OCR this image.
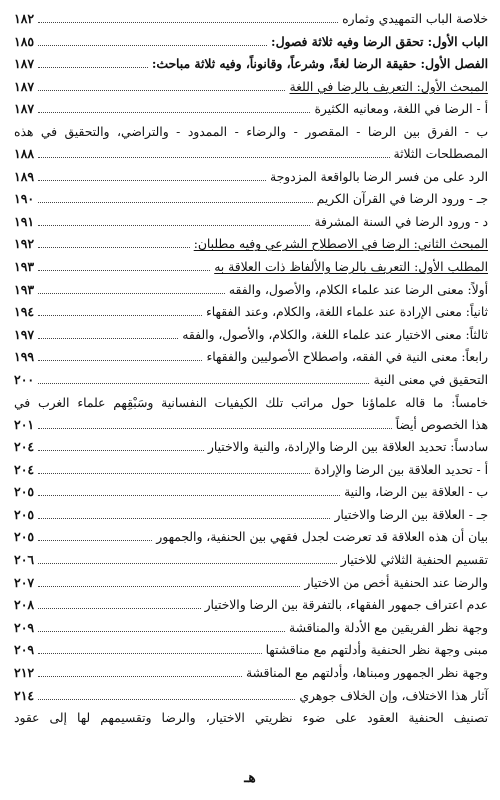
خلاصة الباب التمهيدي وثماره
١٨٢
الباب الأول: تحقق الرضا وفيه ثلاثة فصول:
١٨٥
الفصل الأول: حقيقة الرضا لغةً، وشرعاً، وقانوناً، وفيه ثلاثة مباحث:
١٨٧
المبحث الأول: التعريف بالرضا في اللغة
١٨٧
أ - الرضا في اللغة، ومعانيه الكثيرة
١٨٧
ب - الفرق بين الرضا - المقصور - والرضاء - الممدود - والتراضي، والتحقيق في هذه
المصطلحات الثلاثة
١٨٨
الرد على من فسر الرضا بالواقعة المزدوجة
١٨٩
جـ - ورود الرضا في القرآن الكريم
١٩٠
د - ورود الرضا في السنة المشرفة
١٩١
المبحث الثاني: الرضا في الاصطلاح الشرعي وفيه مطلبان:
١٩٢
المطلب الأول: التعريف بالرضا والألفاظ ذات العلاقة به
١٩٣
أولاً: معنى الرضا عند علماء الكلام، والأصول، والفقه
١٩٣
ثانياً: معنى الإرادة عند علماء اللغة، والكلام، وعند الفقهاء
١٩٤
ثالثاً: معنى الاختيار عند علماء اللغة، والكلام، والأصول، والفقه
١٩٧
رابعاً: معنى النية في الفقه، واصطلاح الأصوليين والفقهاء
١٩٩
التحقيق في معنى النية
٢٠٠
خامساً: ما قاله علماؤنا حول مراتب تلك الكيفيات النفسانية وسَبْقِهم علماء الغرب في
هذا الخصوص أيضاً
٢٠١
سادساً: تحديد العلاقة بين الرضا والإرادة، والنية والاختيار
٢٠٤
أ - تحديد العلاقة بين الرضا والإرادة
٢٠٤
ب - العلاقة بين الرضا، والنية
٢٠٥
جـ - العلاقة بين الرضا والاختيار
٢٠٥
بيان أن هذه العلاقة قد تعرضت لجدل فقهي بين الحنفية، والجمهور
٢٠٥
تقسيم الحنفية الثلاثي للاختيار
٢٠٦
والرضا عند الحنفية أخص من الاختيار
٢٠٧
عدم اعتراف جمهور الفقهاء، بالتفرقة بين الرضا والاختيار
٢٠٨
وجهة نظر الفريقين مع الأدلة والمناقشة
٢٠٩
مبنى وجهة نظر الحنفية وأدلتهم مع مناقشتها
٢٠٩
وجهة نظر الجمهور ومبناها، وأدلتهم مع المناقشة
٢١٢
آثار هذا الاختلاف، وإن الخلاف جوهري
٢١٤
تصنيف الحنفية العقود على ضوء نظريتي الاختيار، والرضا وتقسيمهم لها إلى عقود
هـ
